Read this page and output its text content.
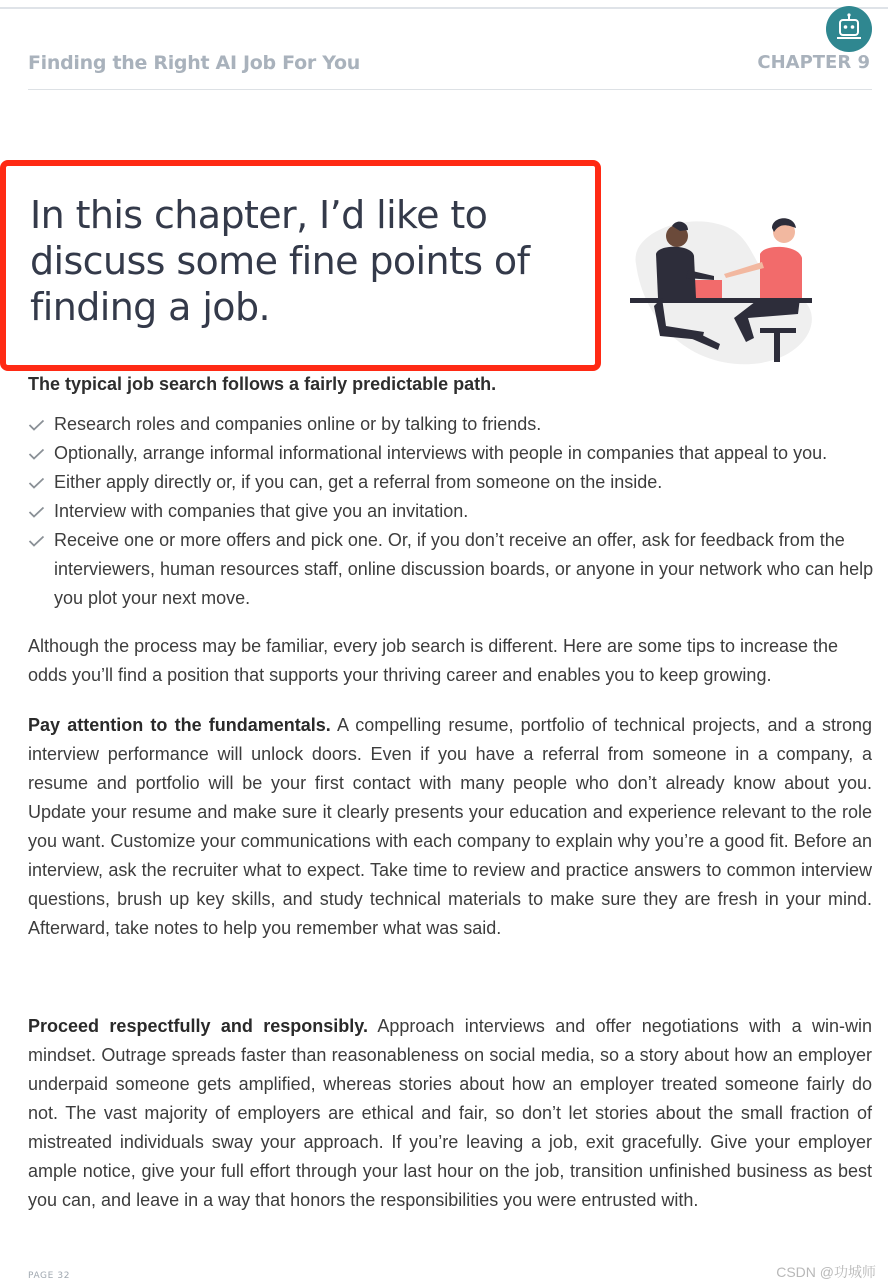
Finding the Right AI Job For You	CHAPTER 9
In this chapter, I’d like to discuss some fine points of finding a job.

The typical job search follows a fairly predictable path.

Research roles and companies online or by talking to friends.
Optionally, arrange informal informational interviews with people in companies that appeal to you.
Either apply directly or, if you can, get a referral from someone on the inside.
Interview with companies that give you an invitation.
Receive one or more offers and pick one. Or, if you don’t receive an offer, ask for feedback from the interviewers, human resources staff, online discussion boards, or anyone in your network who can help you plot your next move.

Although the process may be familiar, every job search is different. Here are some tips to increase the odds you’ll find a position that supports your thriving career and enables you to keep growing.

Pay attention to the fundamentals. A compelling resume, portfolio of technical projects, and a strong interview performance will unlock doors. Even if you have a referral from someone in a company, a resume and portfolio will be your first contact with many people who don’t already know about you. Update your resume and make sure it clearly presents your education and experience relevant to the role you want. Customize your communications with each company to explain why you’re a good fit. Before an interview, ask the recruiter what to expect. Take time to review and practice answers to common interview questions, brush up key skills, and study technical materials to make sure they are fresh in your mind. Afterward, take notes to help you remember what was said.

Proceed respectfully and responsibly. Approach interviews and offer negotiations with a win-win mindset. Outrage spreads faster than reasonableness on social media, so a story about how an employer underpaid someone gets amplified, whereas stories about how an employer treated someone fairly do not. The vast majority of employers are ethical and fair, so don’t let stories about the small fraction of mistreated individuals sway your approach. If you’re leaving a job, exit gracefully. Give your employer ample notice, give your full effort through your last hour on the job, transition unfinished business as best you can, and leave in a way that honors the responsibilities you were entrusted with.

PAGE 32	CSDN @功城师
